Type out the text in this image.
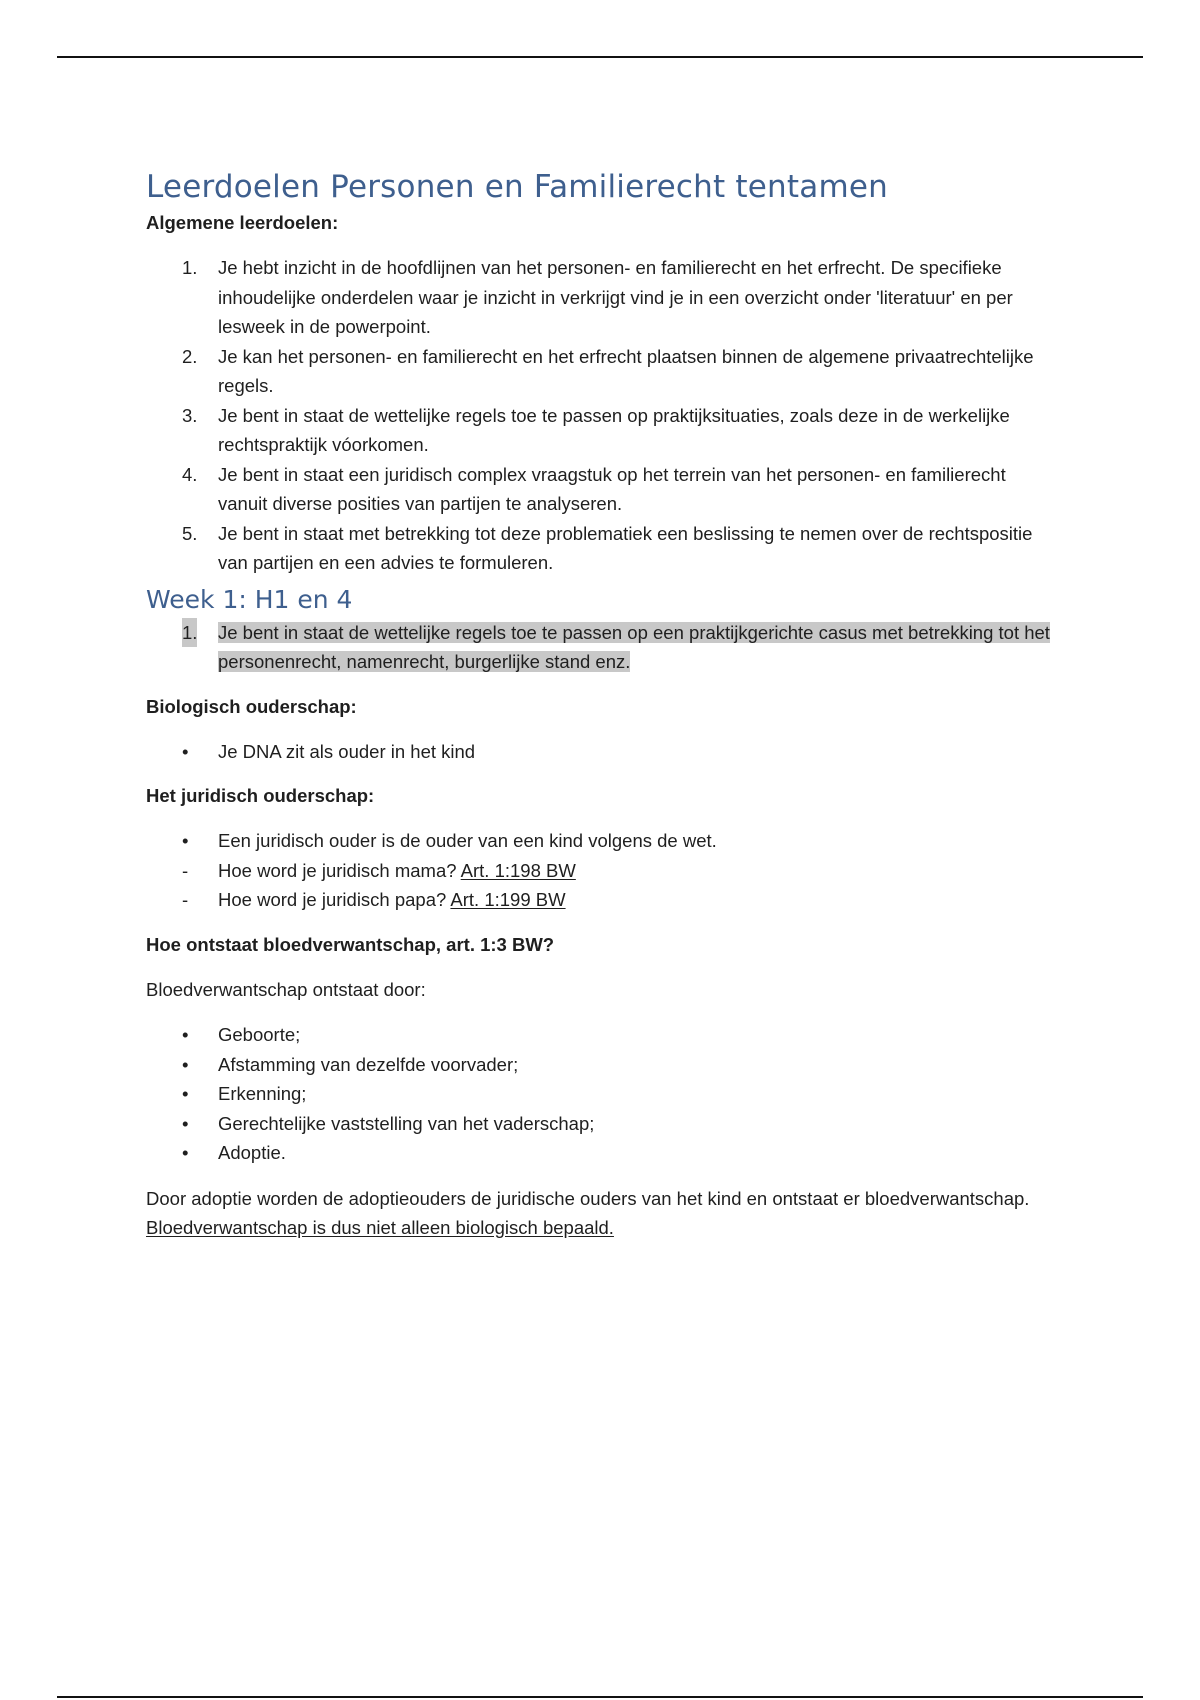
Leerdoelen Personen en Familierecht tentamen

Algemene leerdoelen:

1. Je hebt inzicht in de hoofdlijnen van het personen- en familierecht en het erfrecht. De specifieke inhoudelijke onderdelen waar je inzicht in verkrijgt vind je in een overzicht onder 'literatuur' en per lesweek in de powerpoint.
2. Je kan het personen- en familierecht en het erfrecht plaatsen binnen de algemene privaatrechtelijke regels.
3. Je bent in staat de wettelijke regels toe te passen op praktijksituaties, zoals deze in de werkelijke rechtspraktijk vóorkomen.
4. Je bent in staat een juridisch complex vraagstuk op het terrein van het personen- en familierecht vanuit diverse posities van partijen te analyseren.
5. Je bent in staat met betrekking tot deze problematiek een beslissing te nemen over de rechtspositie van partijen en een advies te formuleren.
Week 1: H1 en 4
1. Je bent in staat de wettelijke regels toe te passen op een praktijkgerichte casus met betrekking tot het personenrecht, namenrecht, burgerlijke stand enz.

Biologisch ouderschap:

• Je DNA zit als ouder in het kind

Het juridisch ouderschap:

• Een juridisch ouder is de ouder van een kind volgens de wet.
- Hoe word je juridisch mama? Art. 1:198 BW
- Hoe word je juridisch papa? Art. 1:199 BW

Hoe ontstaat bloedverwantschap, art. 1:3 BW?

Bloedverwantschap ontstaat door:

• Geboorte;
• Afstamming van dezelfde voorvader;
• Erkenning;
• Gerechtelijke vaststelling van het vaderschap;
• Adoptie.

Door adoptie worden de adoptieouders de juridische ouders van het kind en ontstaat er bloedverwantschap. Bloedverwantschap is dus niet alleen biologisch bepaald.
